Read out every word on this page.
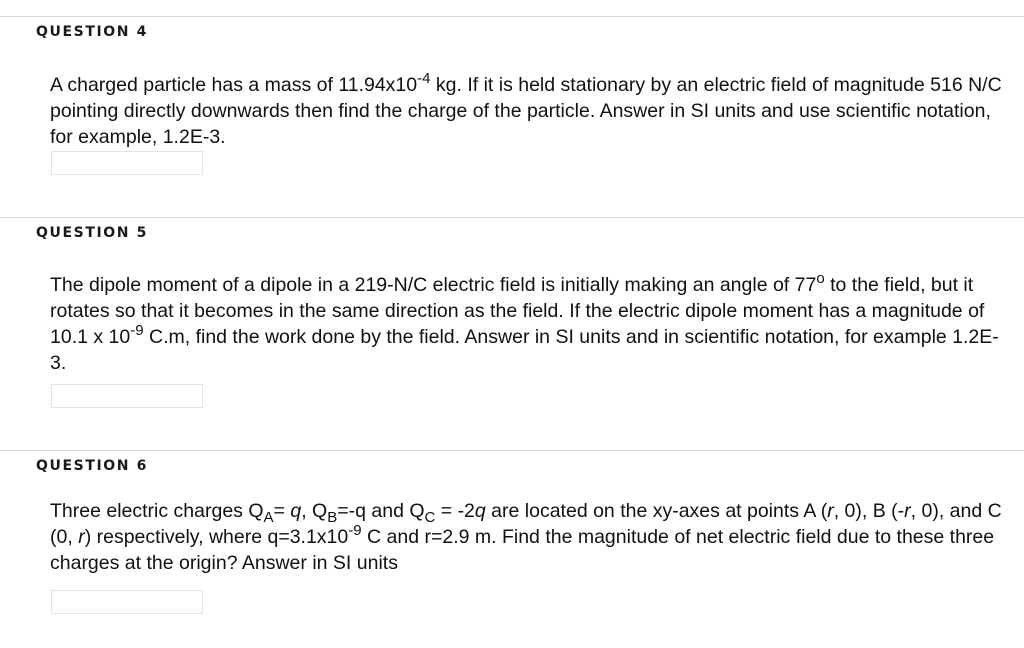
QUESTION 4
A charged particle has a mass of $11.94x10^{-4}$ kg. If it is held stationary by an electric field of magnitude 516 N/C pointing directly downwards then find the charge of the particle. Answer in SI units and use scientific notation, for example, 1.2E-3.
QUESTION 5
The dipole moment of a dipole in a 219-N/C electric field is initially making an angle of 77$^o$ to the field, but it rotates so that it becomes in the same direction as the field. If the electric dipole moment has a magnitude of 10.1 x $10^{-9}$ C.m, find the work done by the field. Answer in SI units and in scientific notation, for example 1.2E-3.
QUESTION 6
Three electric charges $Q_A= q$, $Q_B=-q$ and $Q_C = -2q$ are located on the xy-axes at points A (r, 0), B (-r, 0), and C (0, r) respectively, where $q=3.1x10^{-9}$ C and r=2.9 m. Find the magnitude of net electric field due to these three charges at the origin? Answer in SI units
